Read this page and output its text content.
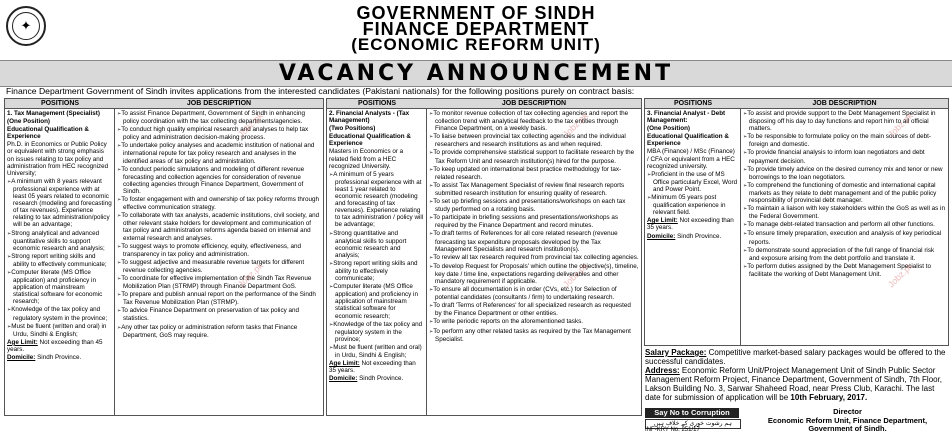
✦
GOVERNMENT OF SINDH
FINANCE DEPARTMENT
(ECONOMIC REFORM UNIT)
VACANCY ANNOUNCEMENT
Finance Department Government of Sindh invites applications from the interested candidates (Pakistani nationals) for the following positions purely on contract basis:
POSITIONS	JOB DESCRIPTION
1. Tax Management (Specialist)
(One Position)
Educational Qualification & Experience
Ph.D. in Economics or Public Policy or equivalent with strong emphasis on issues relating to tax policy and administration from HEC recognized University;
➢ A minimum with 8 years relevant professional experience with at least 05 years related to economic research (modeling and forecasting of tax revenues). Experience relating to tax administration/policy will be an advantage;
➢ Strong analytical and advanced quantitative skills to support economic research and analysis;
➢ Strong report writing skills and ability to effectively communicate;
➢ Computer literate (MS Office application) and proficiency in application of mainstream statistical software for economic research;
➢ Knowledge of the tax policy and regulatory system in the province;
➢ Must be fluent (written and oral) in Urdu, Sindhi & English;
Age Limit: Not exceeding than 45 years.
Domicile: Sindh Province.
➢ To assist Finance Department, Government of Sindh in enhancing policy coordination with the tax collecting departments/agencies.
➢ To conduct high quality empirical research and analyses to help tax policy and administration decision-making process.
➢ To undertake policy analyses and academic institution of national and international repute for tax policy research and analyses in the identified areas of tax policy and administration.
➢ To conduct periodic simulations and modeling of different revenue forecasting and collection agencies for consideration of revenue collecting agencies through Finance Department, Government of Sindh.
➢ To foster engagement with and ownership of tax policy reforms through effective communication strategy.
➢ To collaborate with tax analysts, academic institutions, civil society, and other relevant stake holders for development and communication of tax policy and administration reforms agenda based on internal and external research and analyses.
➢ To suggest ways to promote efficiency, equity, effectiveness, and transparency in tax policy and administration.
➢ To suggest adjective and measurable revenue targets for different revenue collecting agencies.
➢ To coordinate for effective implementation of the Sindh Tax Revenue Mobilization Plan (STRMP) through Finance Department GoS.
➢ To prepare and publish annual report on the performance of the Sindh Tax Revenue Mobilization Plan (STRMP).
➢ To advice Finance Department on preservation of tax policy and statistics.
➢ Any other tax policy or administration reform tasks that Finance Department, GoS may require.
POSITIONS	JOB DESCRIPTION
2. Financial Analysts - (Tax Management)
(Two Positions)
Educational Qualification & Experience
Masters in Economics or a related field from a HEC recognized University.
➢ A minimum of 5 years professional experience with at least 1 year related to economic research (modeling and forecasting of tax revenues). Experience relating to tax administration / policy will be advantage;
➢ Strong quantitative and analytical skills to support economic research and analysis;
➢ Strong report writing skills and ability to effectively communicate;
➢ Computer literate (MS Office application) and proficiency in application of mainstream statistical software for economic research;
➢ Knowledge of the tax policy and regulatory system in the province;
➢ Must be fluent (written and oral) in Urdu, Sindhi & English;
Age Limit: Not exceeding than 35 years.
Domicile: Sindh Province.
➢ To monitor revenue collection of tax collecting agencies and report the collection trend with analytical feedback to the tax entities through Finance Department, on a weekly basis.
➢ To liaise between provincial tax collecting agencies and the individual researchers and research institutions as and when required.
➢ To provide comprehensive statistical support to facilitate research by the Tax Reform Unit and research institution(s) hired for the purpose.
➢ To keep updated on international best practice methodology for tax-related research.
➢ To assist Tax Management Specialist of review final research reports submitted research institution for ensuring quality of research.
➢ To set up briefing sessions and presentations/workshops on each tax study performed on a rotating basis.
➢ To participate in briefing sessions and presentations/workshops as required by the Finance Department and record minutes.
➢ To draft terms of References for all core related research (revenue forecasting tax expenditure proposals developed by the Tax Management Specialists and research institution(s).
➢ To review all tax research required from provincial tax collecting agencies.
➢ To develop Request for Proposals' which outline the objective(s), timeline, key date / time line, expectations regarding deliverables and other mandatory requirement if applicable.
➢ To ensure all documentation is in order (CVs, etc.) for Selection of potential candidates (consultants / firm) to undertaking research.
➢ To draft 'Terms of References' for all specialized research as requested by the Finance Department or other entities.
➢ To write periodic reports on the aforementioned tasks.
➢ To perform any other related tasks as required by the Tax Management Specialist.
POSITIONS	JOB DESCRIPTION
3. Financial Analyst - Debt Management:
(One Position)
Educational Qualification & Experience
MBA (Finance) / MSc (Finance) / CFA or equivalent from a HEC recognized university.
➢ Proficient in the use of MS Office particularly Excel, Word and Power Point.
➢ Minimum 05 years post qualification experience in relevant field.
Age Limit: Not exceeding than 35 years.
Domicile: Sindh Province.
➢ To assist and provide support to the Debt Management Specialist in disposing off his day to day functions and report him to all official matters.
➢ To be responsible to formulate policy on the main sources of debt-foreign and domestic.
➢ To provide financial analysis to inform loan negotiators and debt repayment decision.
➢ To provide timely advice on the desired currency mix and tenor or new borrowings to the loan negotiators.
➢ To comprehend the functioning of domestic and international capital markets as they relate to debt management and of the public policy responsibility of provincial debt manager.
➢ To maintain a liaison with key stakeholders within the GoS as well as in the Federal Government.
➢ To manage debt-related transaction and perform all other functions.
➢ To ensure timely preparation, execution and analysis of key periodical reports.
➢ To demonstrate sound appreciation of the full range of financial risk and exposure arising from the debt portfolio and translate it.
➢ To perform duties assigned by the Debt Management Specialist to facilitate the working of Debt Management Unit.
Salary Package: Competitive market-based salary packages would be offered to the successful candidates.
Address: Economic Reform Unit/Project Management Unit of Sindh Public Sector Management Reform Project, Finance Department, Government of Sindh, 7th Floor, Lakson Building No. 3, Sarwar Shaheed Road, near Press Club, Karachi. The last date for submission of application will be 10th February, 2017.
Say No to Corruption
ہم رشوت خوری کے خلاف ہیں
INF-KRY No. 251/17
Director
Economic Reform Unit, Finance Department,
Government of Sindh.
Jobz.pk	Jobz.pk	Jobz.pk
Jobz.pk	Jobz.pk	Jobz.pk
